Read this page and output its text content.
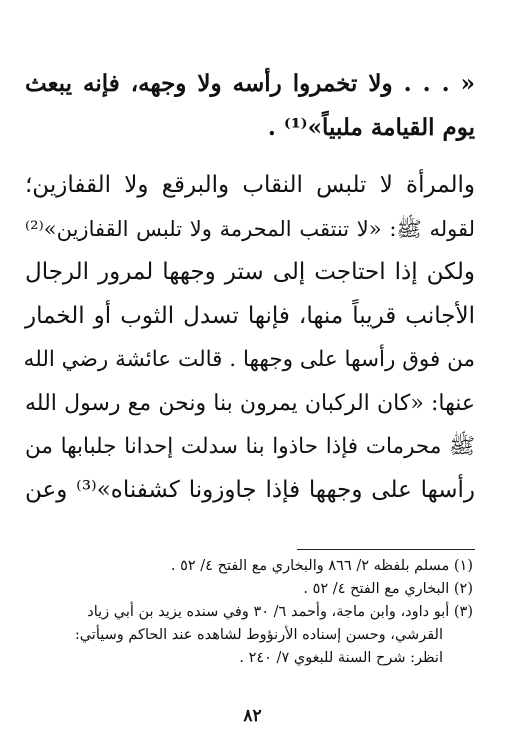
« . . . ولا تخمروا رأسه ولا وجهه، فإنه يبعث
يوم القيامة ملبياً»⁽¹⁾ .
والمرأة لا تلبس النقاب والبرقع ولا القفازين؛
لقوله ﷺ: «لا تنتقب المحرمة ولا تلبس القفازين»⁽²⁾
ولكن إذا احتاجت إلى ستر وجهها لمرور الرجال
الأجانب قريباً منها، فإنها تسدل الثوب أو الخمار
من فوق رأسها على وجهها . قالت عائشة رضي الله
عنها: «كان الركبان يمرون بنا ونحن مع رسول الله
ﷺ محرمات فإذا حاذوا بنا سدلت إحدانا جلبابها من
رأسها على وجهها فإذا جاوزونا كشفناه»⁽³⁾ وعن
(١) مسلم بلفظه ٢/ ٨٦٦ والبخاري مع الفتح ٤/ ٥٢ .
(٢) البخاري مع الفتح ٤/ ٥٢ .
(٣) أبو داود، وابن ماجة، وأحمد ٦/ ٣٠ وفي سنده يزيد بن أبي زياد
القرشي، وحسن إسناده الأرنؤوط لشاهده عند الحاكم وسيأتي:
انظر: شرح السنة للبغوي ٧/ ٢٤٠ .
٨٢
